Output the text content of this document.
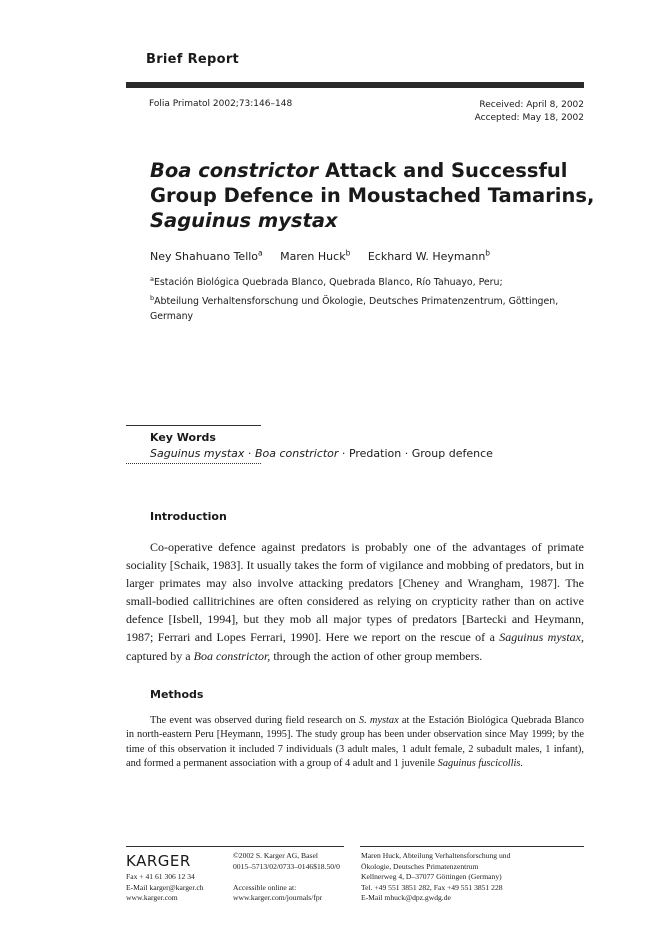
Brief Report
Folia Primatol 2002;73:146–148	Received: April 8, 2002
Accepted: May 18, 2002
Boa constrictor Attack and Successful Group Defence in Moustached Tamarins,
Saguinus mystax
Ney Shahuano Tello$^a$ Maren Huck$^b$ Eckhard W. Heymann$^b$
$^a$Estación Biológica Quebrada Blanco, Quebrada Blanco, Río Tahuayo, Peru;
$^b$Abteilung Verhaltensforschung und Ökologie, Deutsches Primatenzentrum, Göttingen, Germany
Key Words
Saguinus mystax · Boa constrictor · Predation · Group defence
Introduction
Co-operative defence against predators is probably one of the advantages of primate sociality [Schaik, 1983]. It usually takes the form of vigilance and mobbing of predators, but in larger primates may also involve attacking predators [Cheney and Wrangham, 1987]. The small-bodied callitrichines are often considered as relying on crypticity rather than on active defence [Isbell, 1994], but they mob all major types of predators [Bartecki and Heymann, 1987; Ferrari and Lopes Ferrari, 1990]. Here we report on the rescue of a Saguinus mystax, captured by a Boa constrictor, through the action of other group members.
Methods
The event was observed during field research on S. mystax at the Estación Biológica Quebrada Blanco in north-eastern Peru [Heymann, 1995]. The study group has been under observation since May 1999; by the time of this observation it included 7 individuals (3 adult males, 1 adult female, 2 subadult males, 1 infant), and formed a permanent association with a group of 4 adult and 1 juvenile Saguinus fuscicollis.
KARGER
Fax + 41 61 306 12 34
E-Mail karger@karger.ch
www.karger.com
©2002 S. Karger AG, Basel
0015–5713/02/0733–0146$18.50/0
Accessible online at:
www.karger.com/journals/fpr
Maren Huck, Abteilung Verhaltensforschung und
Ökologie, Deutsches Primatenzentrum
Kellnerweg 4, D–37077 Göttingen (Germany)
Tel. +49 551 3851 282, Fax +49 551 3851 228
E-Mail mhuck@dpz.gwdg.de
